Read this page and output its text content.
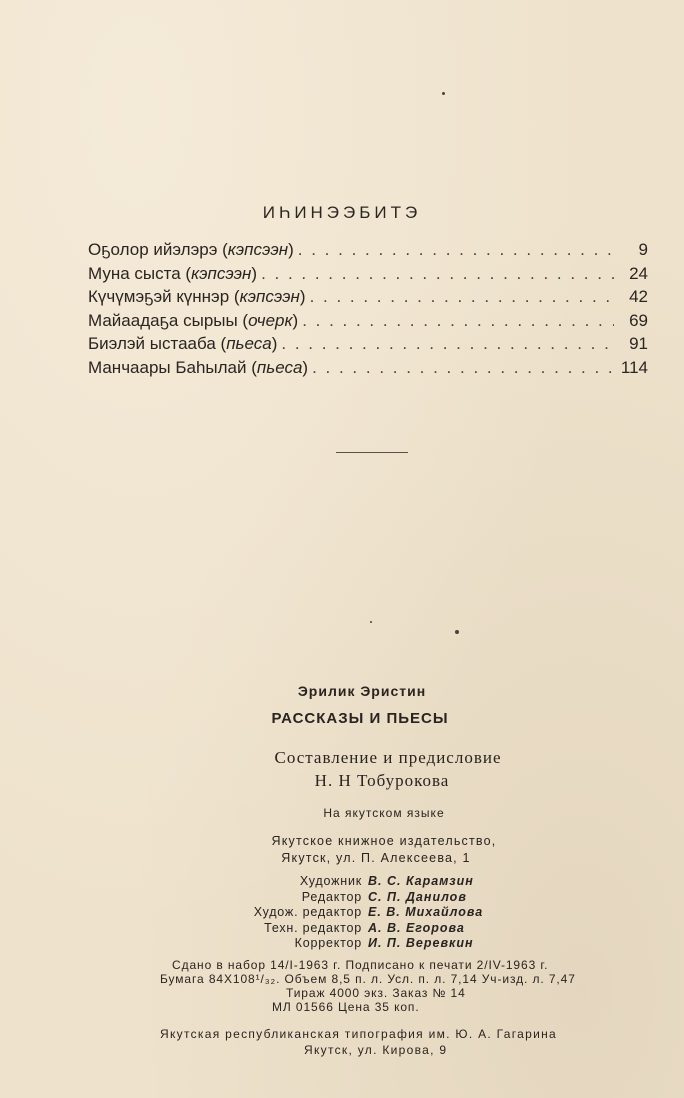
ИҺИНЭЭБИТЭ
Оҕолор ийэлэрэ (кэпсээн) . . .	9
Муна сыста (кэпсээн) . . .	24
Күчүмэҕэй күннэр (кэпсээн) . . .	42
Майаадаҕа сырыы (очерк) . . .	69
Биэлэй ыстааба (пьеса) . . .	91
Манчаары Баһылай (пьеса) . . .	114
Эрилик Эристин
РАССКАЗЫ И ПЬЕСЫ
Составление и предисловие
Н. Н Тобурокова
На якутском языке
Якутское книжное издательство,
Якутск, ул. П. Алексеева, 1
Художник В. С. Карамзин
Редактор С. П. Данилов
Худож. редактор Е. В. Михайлова
Техн. редактор А. В. Егорова
Корректор И. П. Веревкин
Сдано в набор 14/I-1963 г. Подписано к печати 2/IV-1963 г.
Бумага 84X108¹/₃₂. Объем 8,5 п. л. Усл. п. л. 7,14 Уч-изд. л. 7,47
Тираж 4000 экз. Заказ № 14
МЛ 01566 Цена 35 коп.
Якутская республиканская типография им. Ю. А. Гагарина
Якутск, ул. Кирова, 9
